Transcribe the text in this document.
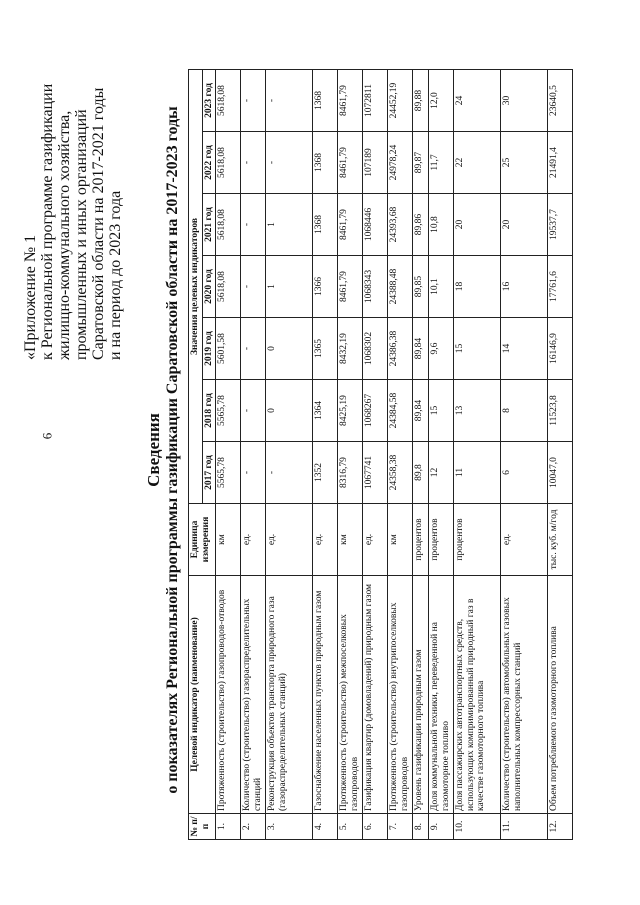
6
«Приложение № 1 к Региональной программе газификации жилищно-коммунального хозяйства, промышленных и иных организаций Саратовской области на 2017-2021 годы и на период до 2023 года
Сведения о показателях Региональной программы газификации Саратовской области на 2017-2023 годы
№ п/п	Целевой индикатор (наименование)	Единица измерения	Значения целевых индикаторов						
			2017 год	2018 год	2019 год	2020 год	2021 год	2022 год	2023 год
1.	Протяженность (строительство) газопроводов-отводов	км	5565,78	5565,78	5601,58	5618,08	5618,08	5618,08	5618,08
2.	Количество (строительство) газораспределительных станций	ед.	-	-	-	-	-	-	-
3.	Реконструкция объектов транспорта природного газа (газораспределительных станций)	ед.	-	0	0	1	1	-	-
4.	Газоснабжение населенных пунктов природным газом	ед.	1352	1364	1365	1366	1368	1368	1368
5.	Протяженность (строительство) межпоселковых газопроводов	км	8316,79	8425,19	8432,19	8461,79	8461,79	8461,79	8461,79
6.	Газификация квартир (домовладений) природным газом	ед.	1067741	1068267	1068302	1068343	1068446	107189	1072811
7.	Протяженность (строительство) внутрипоселковых газопроводов	км	24358,38	24384,58	24386,38	24388,48	24393,68	24978,24	24452,19
8.	Уровень газификации природным газом	процентов	89,8	89,84	89,84	89,85	89,86	89,87	89,88
9.	Доля коммунальной техники, переведенной на газомоторное топливо	процентов	12	15	9,6	10,1	10,8	11,7	12,0
10.	Доля пассажирских автотранспортных средств, использующих компримированный природный газ в качестве газомоторного топлива	процентов	11	13	15	18	20	22	24
11.	Количество (строительство) автомобильных газовых наполнительных компрессорных станций	ед.	6	8	14	16	20	25	30
12.	Объем потребляемого газомоторного топлива	тыс. куб. м/год	10047,0	11523,8	16146,9	17761,6	19537,7	21491,4	23640,5
